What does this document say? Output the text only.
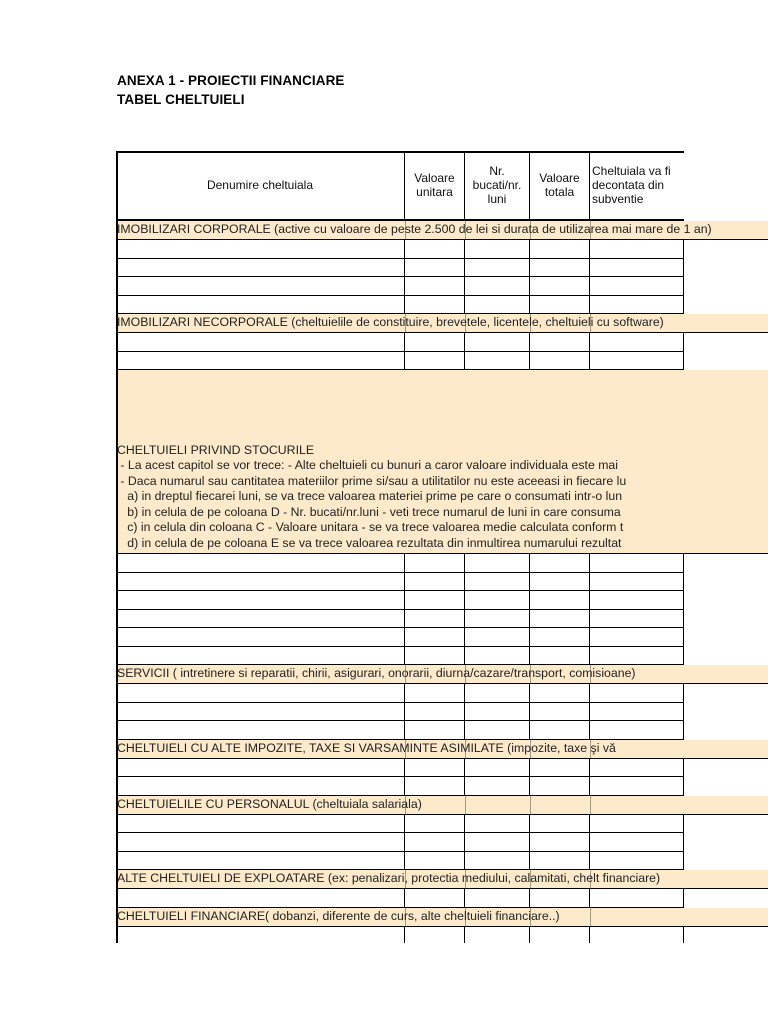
ANEXA 1 - PROIECTII FINANCIARE
TABEL CHELTUIELI
Denumire cheltuiala	Valoare unitara
Nr. bucati/nr. luni
Valoare totala
Cheltuiala va fi decontata din subventie
IMOBILIZARI CORPORALE (active cu valoare de peste 2.500 de lei si durata de utilizarea mai mare de 1 an)
IMOBILIZARI NECORPORALE (cheltuielile de constituire, brevetele, licentele, cheltuieli cu software)
CHELTUIELI PRIVIND STOCURILE
- La acest capitol se vor trece: - Alte cheltuieli cu bunuri a caror valoare individuala este mai
- Daca numarul sau cantitatea materiilor prime si/sau a utilitatilor nu este aceeasi in fiecare lu
a) in dreptul fiecarei luni, se va trece valoarea materiei prime pe care o consumati intr-o lun
b) in celula de pe coloana D - Nr. bucati/nr.luni - veti trece numarul de luni in care consuma
c) in celula din coloana C - Valoare unitara - se va trece valoarea medie calculata conform t
d) in celula de pe coloana E se va trece valoarea rezultata din inmultirea numarului rezultat
SERVICII ( intretinere si reparatii, chirii, asigurari, onorarii, diurna/cazare/transport, comisioane)
CHELTUIELI CU ALTE IMPOZITE, TAXE SI VARSAMINTE ASIMILATE (impozite, taxe şi vă
CHELTUIELILE CU PERSONALUL (cheltuiala salariala)
ALTE CHELTUIELI DE EXPLOATARE (ex: penalizari, protectia mediului, calamitati, chelt financiare)
CHELTUIELI FINANCIARE( dobanzi, diferente de curs, alte cheltuieli financiare..)
